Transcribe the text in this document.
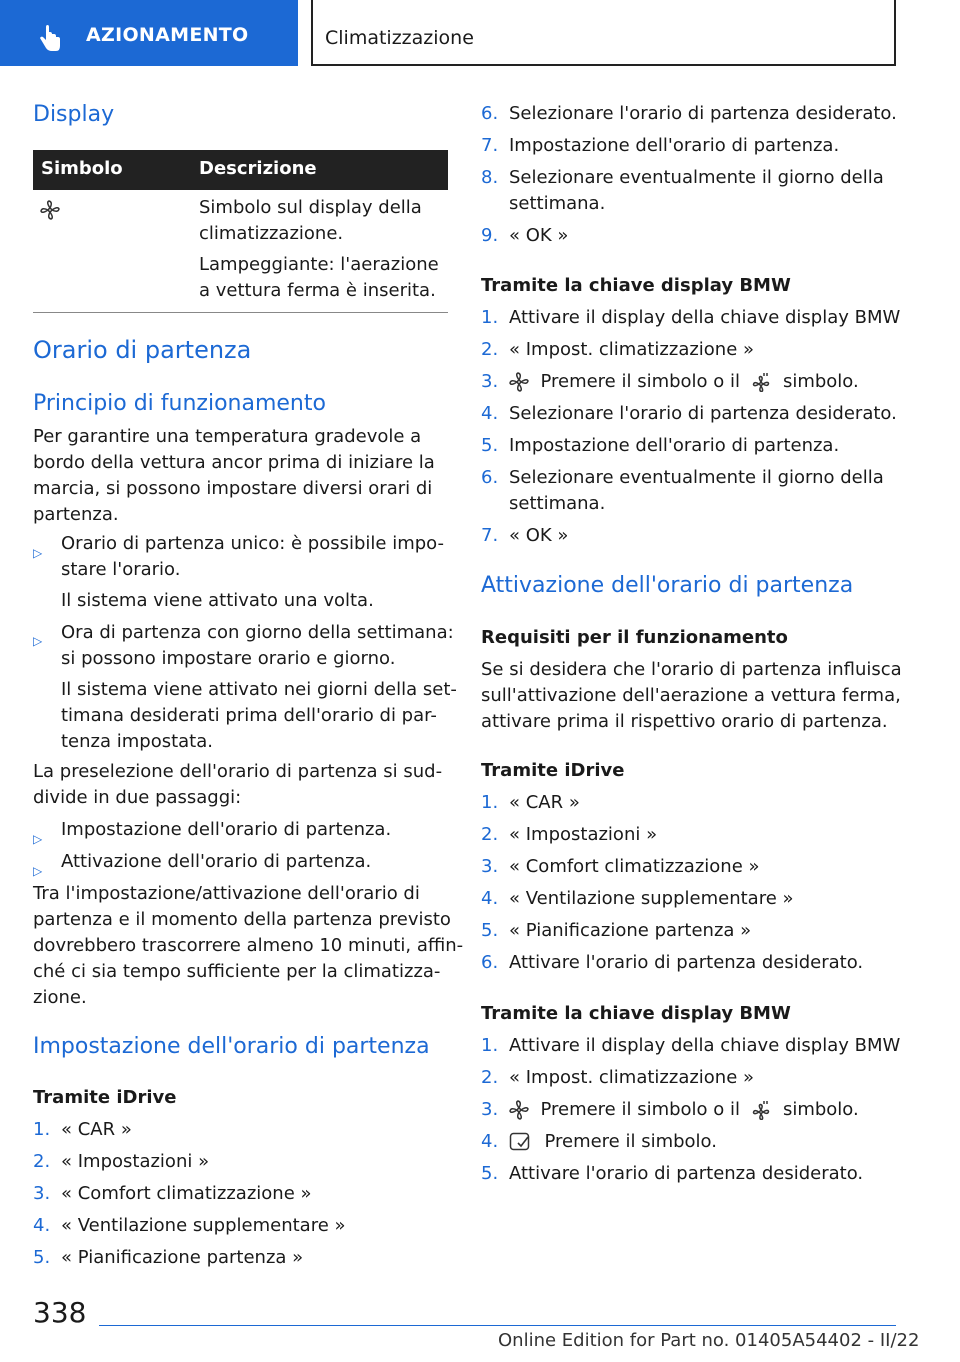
AZIONAMENTO	Climatizzazione
Display
Simbolo	Descrizione
Simbolo sul display della
climatizzazione.
Lampeggiante: l'aerazione
a vettura ferma è inserita.
Orario di partenza
Principio di funzionamento
Per garantire una temperatura gradevole a
bordo della vettura ancor prima di iniziare la
marcia, si possono impostare diversi orari di
partenza.
▷ Orario di partenza unico: è possibile impo-
stare l'orario.
Il sistema viene attivato una volta.
▷ Ora di partenza con giorno della settimana:
si possono impostare orario e giorno.
Il sistema viene attivato nei giorni della set-
timana desiderati prima dell'orario di par-
tenza impostata.
La preselezione dell'orario di partenza si sud-
divide in due passaggi:
▷ Impostazione dell'orario di partenza.
▷ Attivazione dell'orario di partenza.
Tra l'impostazione/attivazione dell'orario di
partenza e il momento della partenza previsto
dovrebbero trascorrere almeno 10 minuti, affin-
ché ci sia tempo sufficiente per la climatizza-
zione.
Impostazione dell'orario di partenza
Tramite iDrive
1. « CAR »
2. « Impostazioni »
3. « Comfort climatizzazione »
4. « Ventilazione supplementare »
5. « Pianificazione partenza »
6. Selezionare l'orario di partenza desiderato.
7. Impostazione dell'orario di partenza.
8. Selezionare eventualmente il giorno della
settimana.
9. « OK »
Tramite la chiave display BMW
1. Attivare il display della chiave display BMW
2. « Impost. climatizzazione »
3. Premere il simbolo o il simbolo.
4. Selezionare l'orario di partenza desiderato.
5. Impostazione dell'orario di partenza.
6. Selezionare eventualmente il giorno della
settimana.
7. « OK »
Attivazione dell'orario di partenza
Requisiti per il funzionamento
Se si desidera che l'orario di partenza influisca
sull'attivazione dell'aerazione a vettura ferma,
attivare prima il rispettivo orario di partenza.
Tramite iDrive
1. « CAR »
2. « Impostazioni »
3. « Comfort climatizzazione »
4. « Ventilazione supplementare »
5. « Pianificazione partenza »
6. Attivare l'orario di partenza desiderato.
Tramite la chiave display BMW
1. Attivare il display della chiave display BMW
2. « Impost. climatizzazione »
3. Premere il simbolo o il simbolo.
4.	Premere il simbolo.
5. Attivare l'orario di partenza desiderato.
338
Online Edition for Part no. 01405A54402 - II/22
